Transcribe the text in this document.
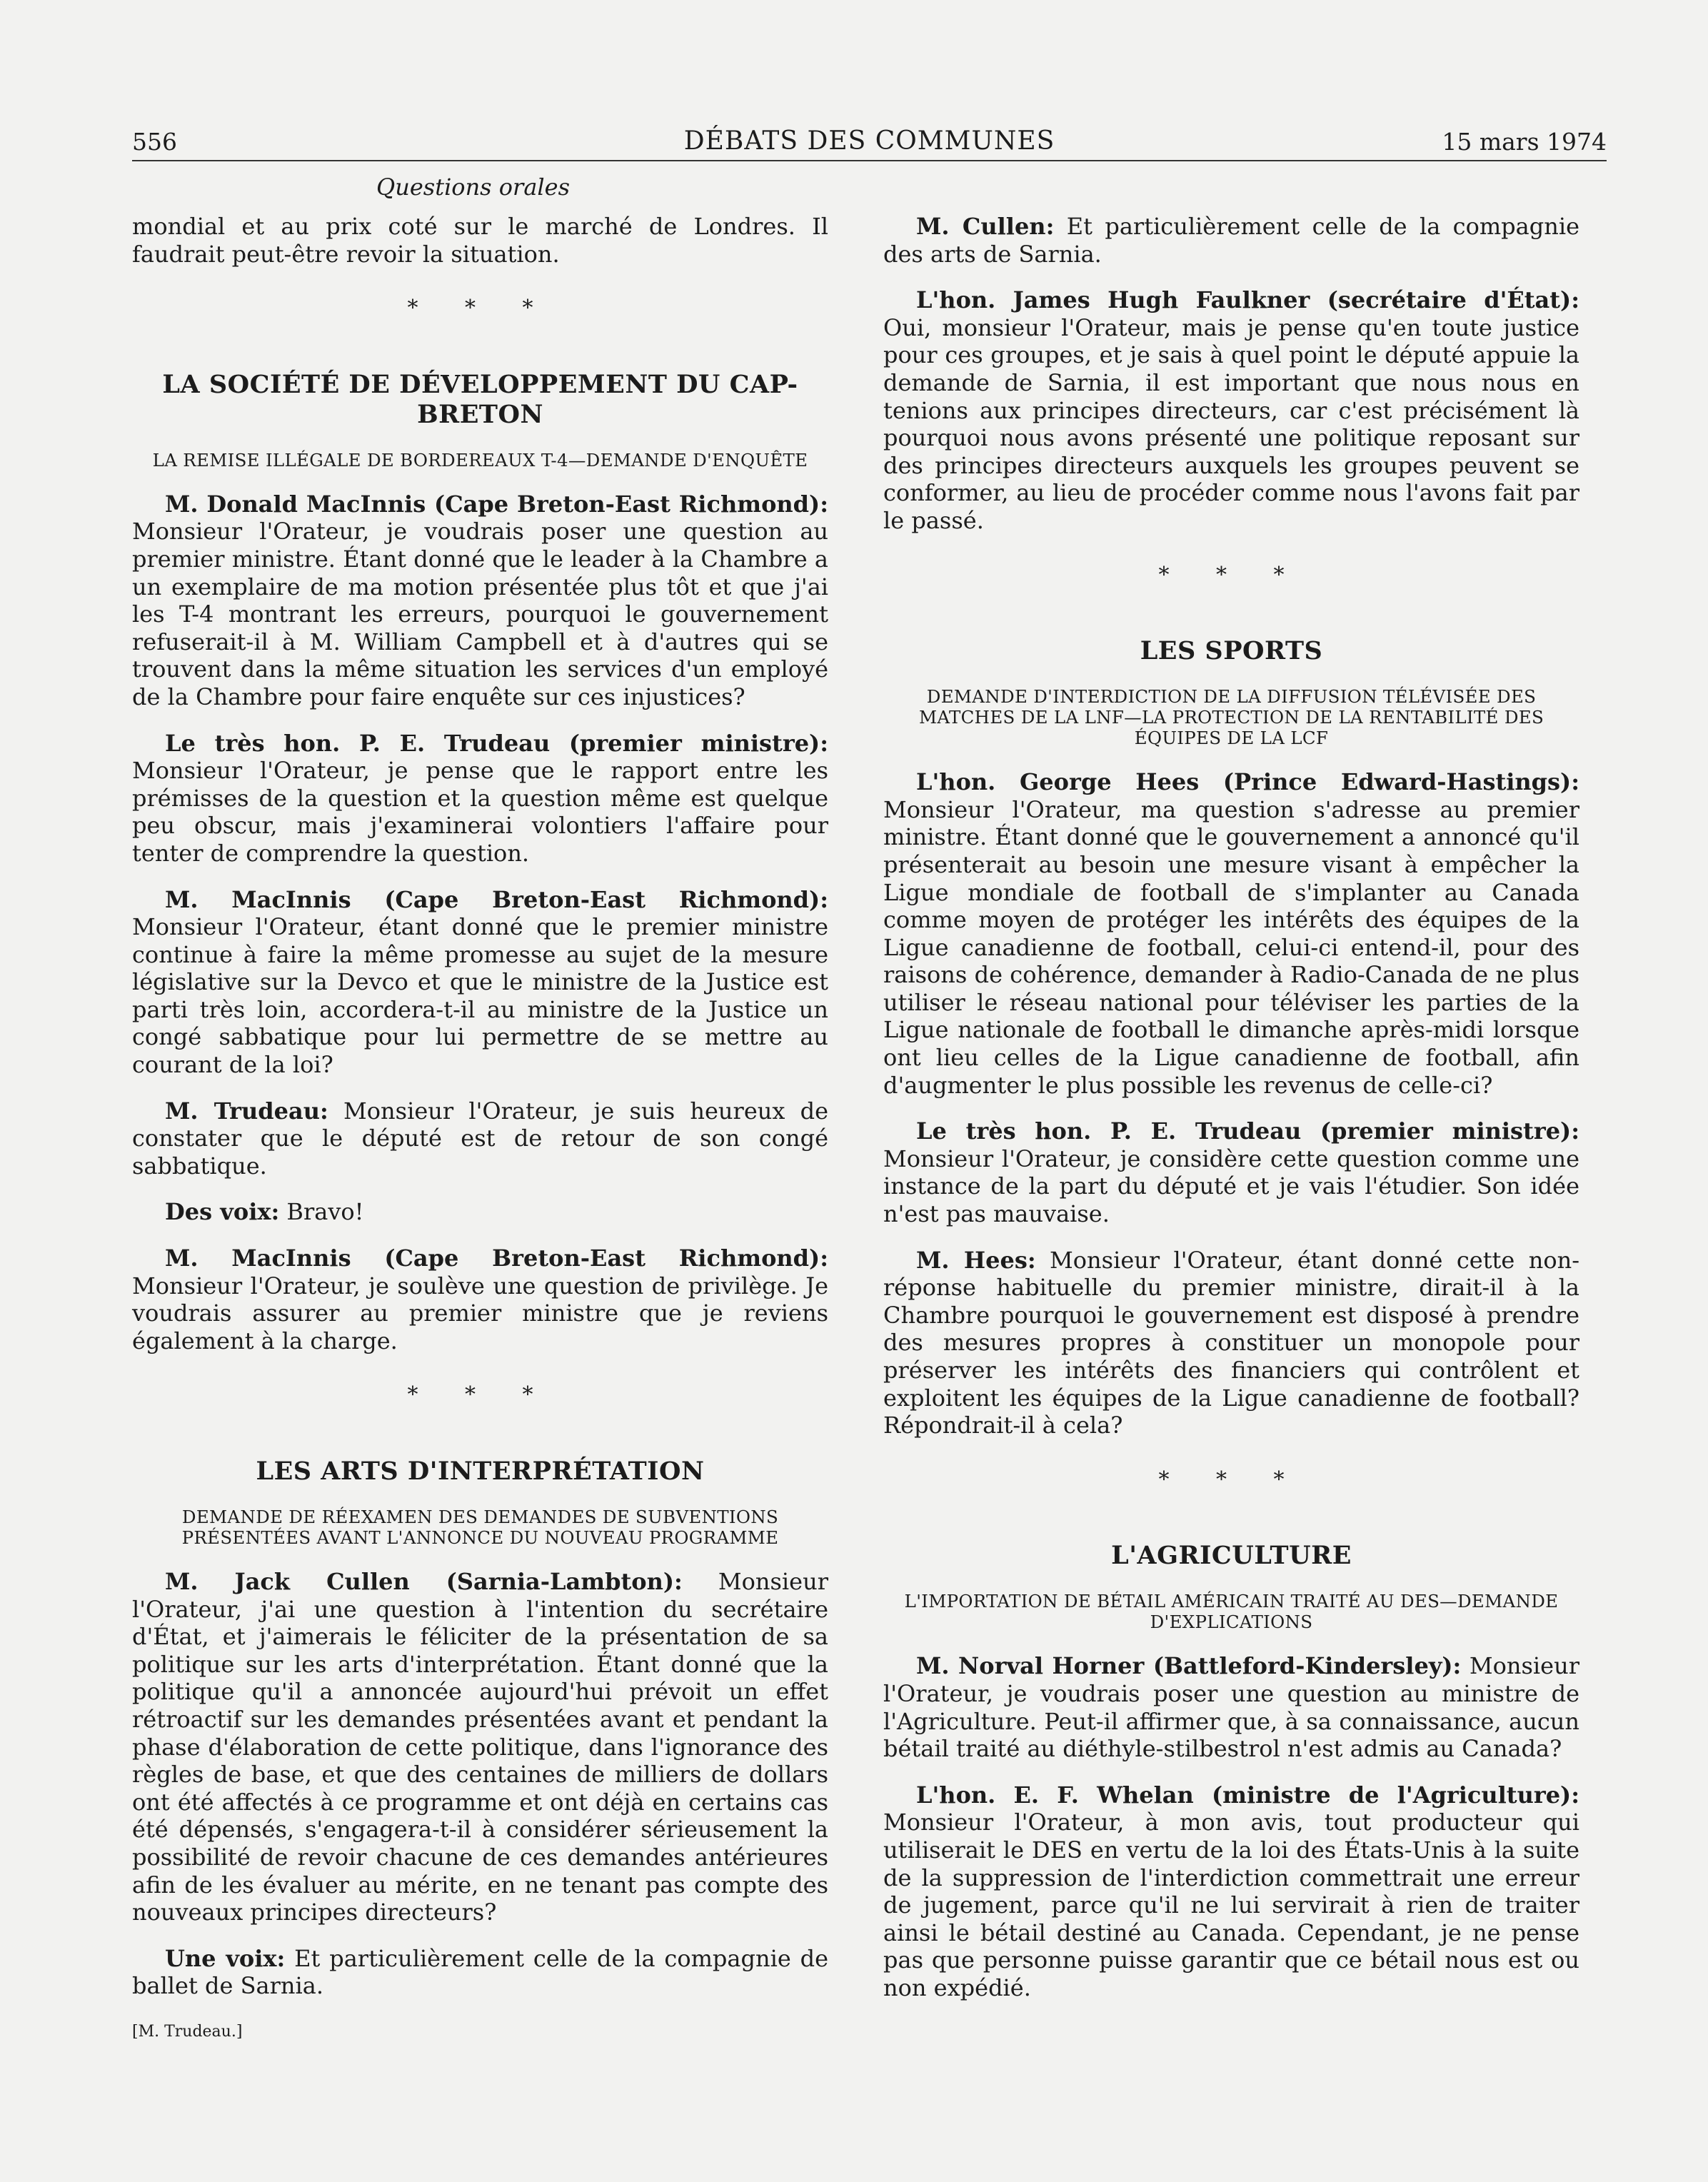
556	DÉBATS DES COMMUNES	15 mars 1974
Questions orales

mondial et au prix coté sur le marché de Londres. Il faudrait peut-être revoir la situation.

* * *
LA SOCIÉTÉ DE DÉVELOPPEMENT DU CAP-BRETON
LA REMISE ILLÉGALE DE BORDEREAUX T-4—DEMANDE D'ENQUÊTE

M. Donald MacInnis (Cape Breton-East Richmond): Monsieur l'Orateur, je voudrais poser une question au premier ministre. Étant donné que le leader à la Chambre a un exemplaire de ma motion présentée plus tôt et que j'ai les T-4 montrant les erreurs, pourquoi le gouvernement refuserait-il à M. William Campbell et à d'autres qui se trouvent dans la même situation les services d'un employé de la Chambre pour faire enquête sur ces injustices?

Le très hon. P. E. Trudeau (premier ministre): Monsieur l'Orateur, je pense que le rapport entre les prémisses de la question et la question même est quelque peu obscur, mais j'examinerai volontiers l'affaire pour tenter de comprendre la question.

M. MacInnis (Cape Breton-East Richmond): Monsieur l'Orateur, étant donné que le premier ministre continue à faire la même promesse au sujet de la mesure législative sur la Devco et que le ministre de la Justice est parti très loin, accordera-t-il au ministre de la Justice un congé sabbatique pour lui permettre de se mettre au courant de la loi?

M. Trudeau: Monsieur l'Orateur, je suis heureux de constater que le député est de retour de son congé sabbatique.

Des voix: Bravo!

M. MacInnis (Cape Breton-East Richmond): Monsieur l'Orateur, je soulève une question de privilège. Je voudrais assurer au premier ministre que je reviens également à la charge.

* * *
LES ARTS D'INTERPRÉTATION
DEMANDE DE RÉEXAMEN DES DEMANDES DE SUBVENTIONS PRÉSENTÉES AVANT L'ANNONCE DU NOUVEAU PROGRAMME

M. Jack Cullen (Sarnia-Lambton): Monsieur l'Orateur, j'ai une question à l'intention du secrétaire d'État, et j'aimerais le féliciter de la présentation de sa politique sur les arts d'interprétation. Étant donné que la politique qu'il a annoncée aujourd'hui prévoit un effet rétroactif sur les demandes présentées avant et pendant la phase d'élaboration de cette politique, dans l'ignorance des règles de base, et que des centaines de milliers de dollars ont été affectés à ce programme et ont déjà en certains cas été dépensés, s'engagera-t-il à considérer sérieusement la possibilité de revoir chacune de ces demandes antérieures afin de les évaluer au mérite, en ne tenant pas compte des nouveaux principes directeurs?

Une voix: Et particulièrement celle de la compagnie de ballet de Sarnia.

[M. Trudeau.]

M. Cullen: Et particulièrement celle de la compagnie des arts de Sarnia.

L'hon. James Hugh Faulkner (secrétaire d'État): Oui, monsieur l'Orateur, mais je pense qu'en toute justice pour ces groupes, et je sais à quel point le député appuie la demande de Sarnia, il est important que nous nous en tenions aux principes directeurs, car c'est précisément là pourquoi nous avons présenté une politique reposant sur des principes directeurs auxquels les groupes peuvent se conformer, au lieu de procéder comme nous l'avons fait par le passé.

* * *
LES SPORTS
DEMANDE D'INTERDICTION DE LA DIFFUSION TÉLÉVISÉE DES MATCHES DE LA LNF—LA PROTECTION DE LA RENTABILITÉ DES ÉQUIPES DE LA LCF

L'hon. George Hees (Prince Edward-Hastings): Monsieur l'Orateur, ma question s'adresse au premier ministre. Étant donné que le gouvernement a annoncé qu'il présenterait au besoin une mesure visant à empêcher la Ligue mondiale de football de s'implanter au Canada comme moyen de protéger les intérêts des équipes de la Ligue canadienne de football, celui-ci entend-il, pour des raisons de cohérence, demander à Radio-Canada de ne plus utiliser le réseau national pour téléviser les parties de la Ligue nationale de football le dimanche après-midi lorsque ont lieu celles de la Ligue canadienne de football, afin d'augmenter le plus possible les revenus de celle-ci?

Le très hon. P. E. Trudeau (premier ministre): Monsieur l'Orateur, je considère cette question comme une instance de la part du député et je vais l'étudier. Son idée n'est pas mauvaise.

M. Hees: Monsieur l'Orateur, étant donné cette non-réponse habituelle du premier ministre, dirait-il à la Chambre pourquoi le gouvernement est disposé à prendre des mesures propres à constituer un monopole pour préserver les intérêts des financiers qui contrôlent et exploitent les équipes de la Ligue canadienne de football? Répondrait-il à cela?

* * *
L'AGRICULTURE
L'IMPORTATION DE BÉTAIL AMÉRICAIN TRAITÉ AU DES—DEMANDE D'EXPLICATIONS

M. Norval Horner (Battleford-Kindersley): Monsieur l'Orateur, je voudrais poser une question au ministre de l'Agriculture. Peut-il affirmer que, à sa connaissance, aucun bétail traité au diéthyle-stilbestrol n'est admis au Canada?

L'hon. E. F. Whelan (ministre de l'Agriculture): Monsieur l'Orateur, à mon avis, tout producteur qui utiliserait le DES en vertu de la loi des États-Unis à la suite de la suppression de l'interdiction commettrait une erreur de jugement, parce qu'il ne lui servirait à rien de traiter ainsi le bétail destiné au Canada. Cependant, je ne pense pas que personne puisse garantir que ce bétail nous est ou non expédié.
